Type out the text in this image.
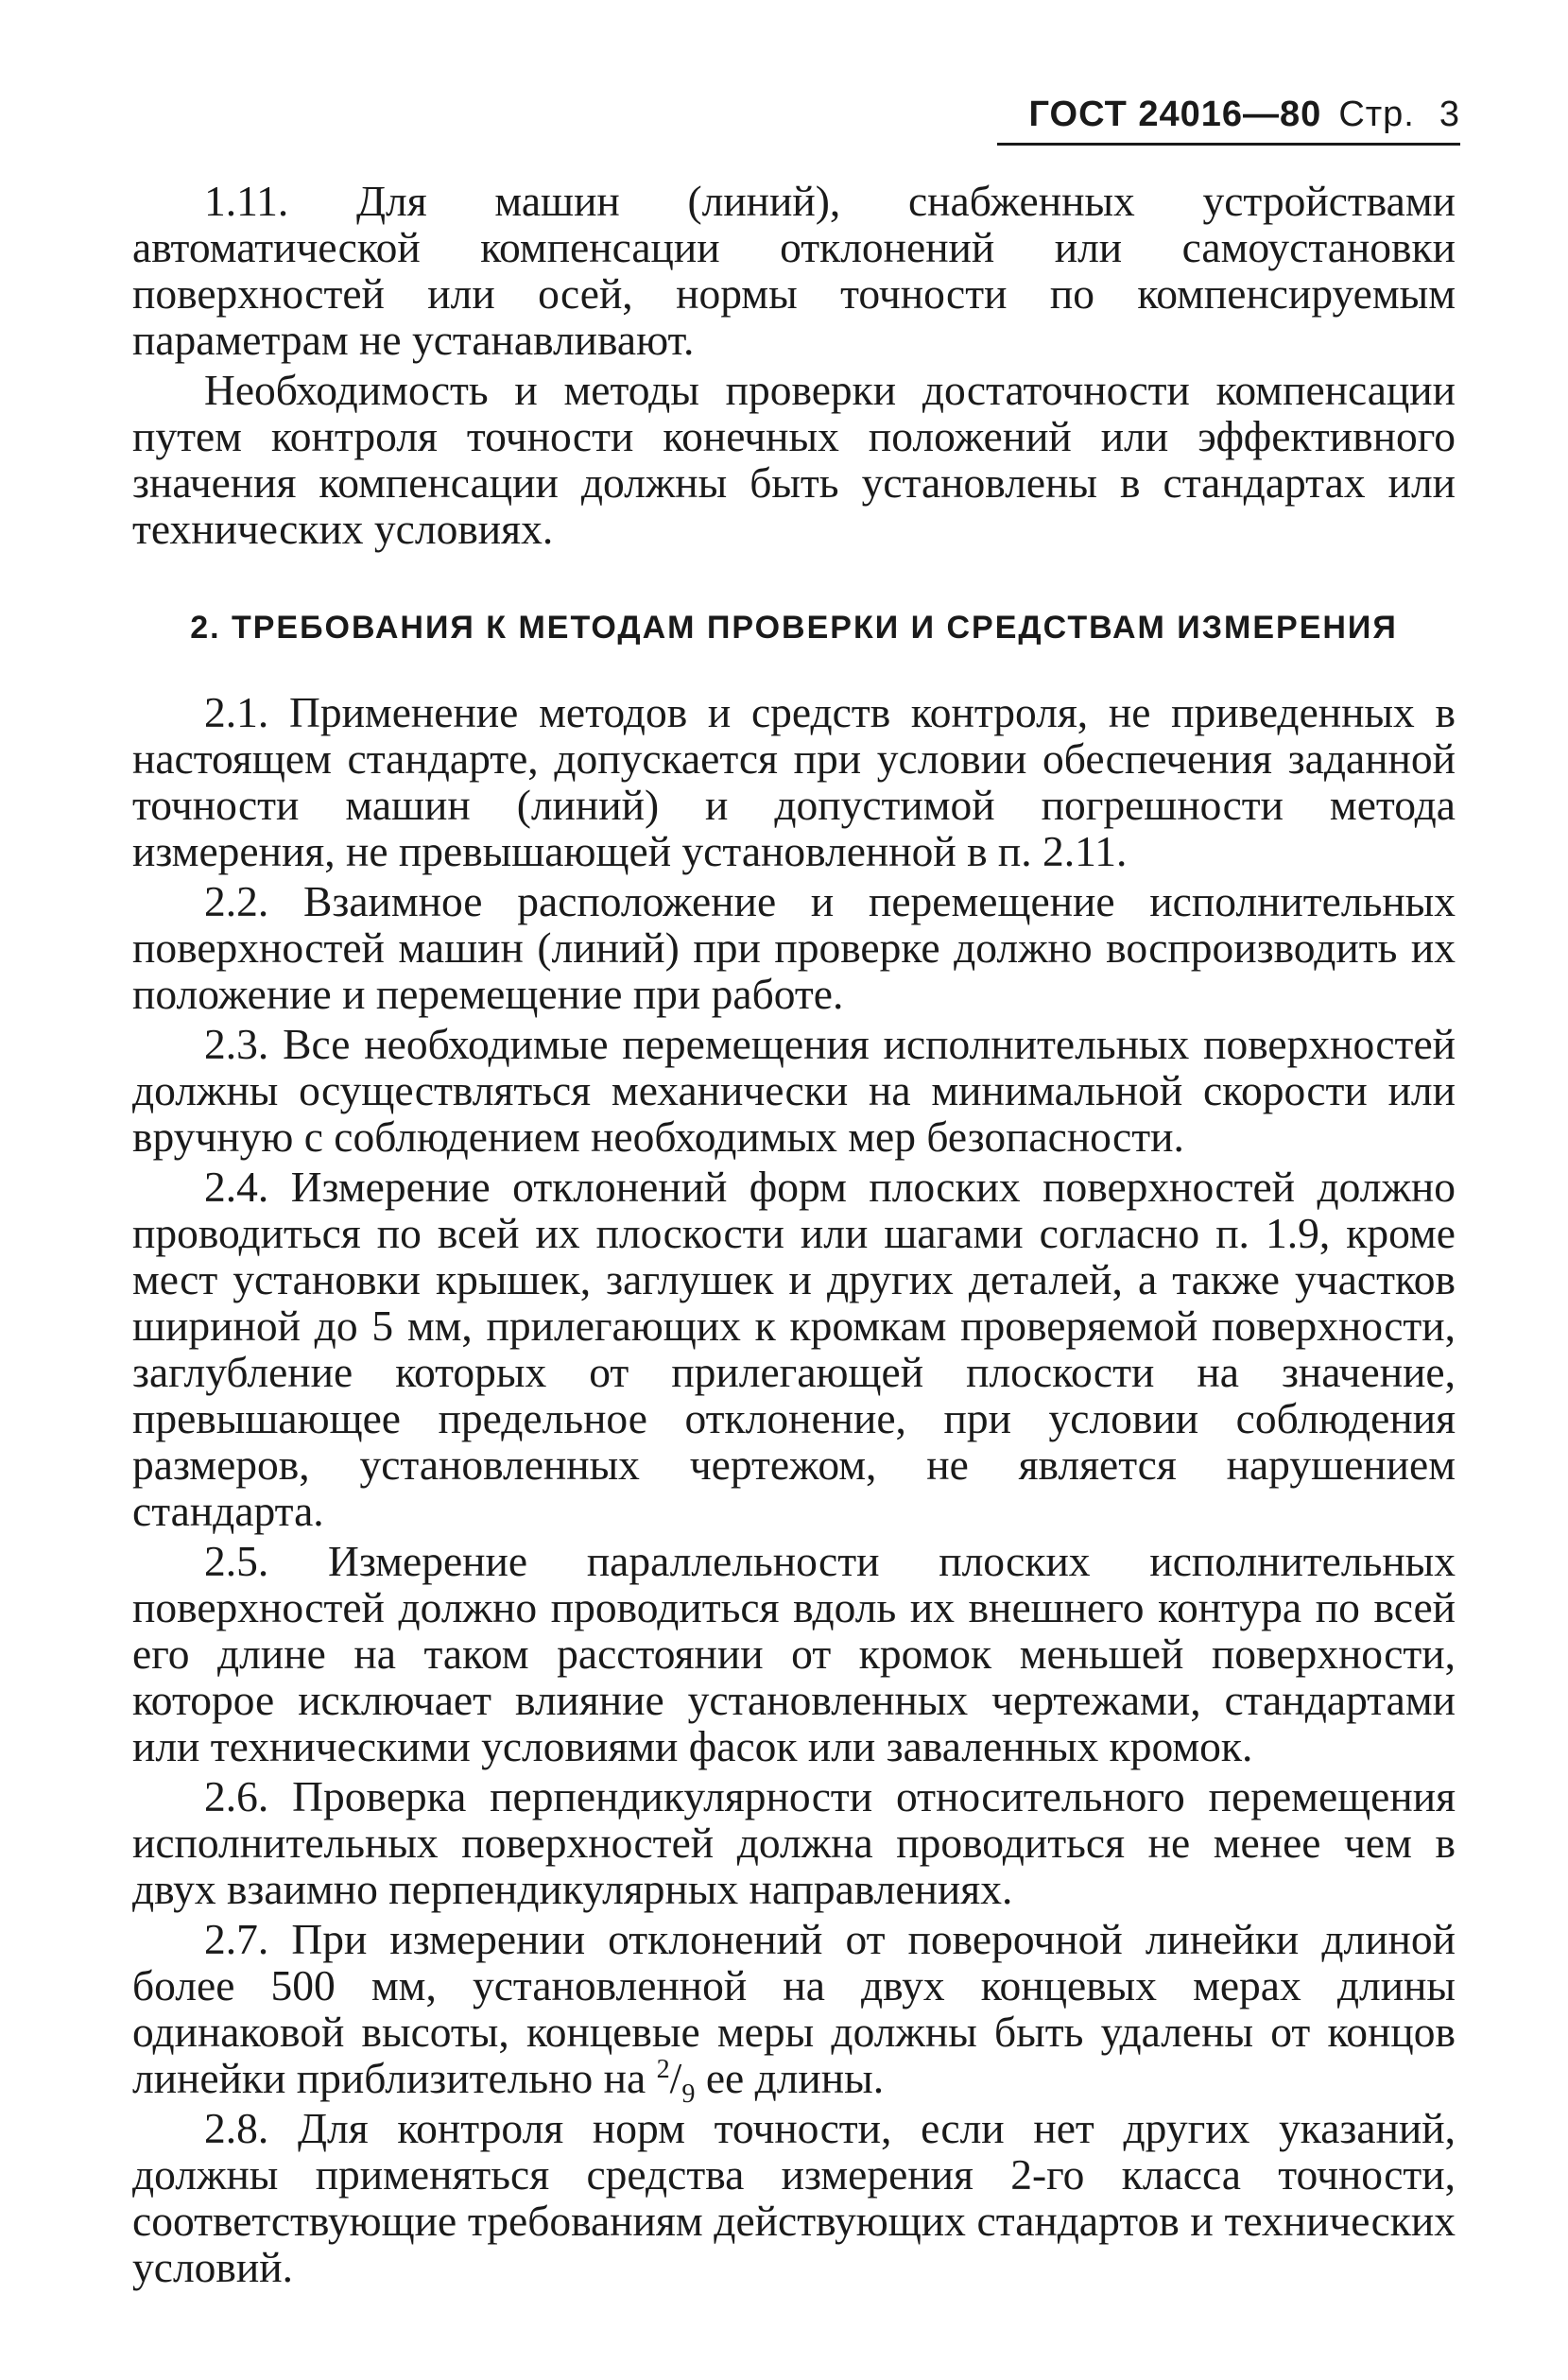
ГОСТ 24016—80 Стр. 3

1.11. Для машин (линий), снабженных устройствами автоматической компенсации отклонений или самоустановки поверхностей или осей, нормы точности по компенсируемым параметрам не устанавливают.

Необходимость и методы проверки достаточности компенсации путем контроля точности конечных положений или эффективного значения компенсации должны быть установлены в стандартах или технических условиях.

2. ТРЕБОВАНИЯ К МЕТОДАМ ПРОВЕРКИ И СРЕДСТВАМ ИЗМЕРЕНИЯ

2.1. Применение методов и средств контроля, не приведенных в настоящем стандарте, допускается при условии обеспечения заданной точности машин (линий) и допустимой погрешности метода измерения, не превышающей установленной в п. 2.11.

2.2. Взаимное расположение и перемещение исполнительных поверхностей машин (линий) при проверке должно воспроизводить их положение и перемещение при работе.

2.3. Все необходимые перемещения исполнительных поверхностей должны осуществляться механически на минимальной скорости или вручную с соблюдением необходимых мер безопасности.

2.4. Измерение отклонений форм плоских поверхностей должно проводиться по всей их плоскости или шагами согласно п. 1.9, кроме мест установки крышек, заглушек и других деталей, а также участков шириной до 5 мм, прилегающих к кромкам проверяемой поверхности, заглубление которых от прилегающей плоскости на значение, превышающее предельное отклонение, при условии соблюдения размеров, установленных чертежом, не является нарушением стандарта.

2.5. Измерение параллельности плоских исполнительных поверхностей должно проводиться вдоль их внешнего контура по всей его длине на таком расстоянии от кромок меньшей поверхности, которое исключает влияние установленных чертежами, стандартами или техническими условиями фасок или заваленных кромок.

2.6. Проверка перпендикулярности относительного перемещения исполнительных поверхностей должна проводиться не менее чем в двух взаимно перпендикулярных направлениях.

2.7. При измерении отклонений от поверочной линейки длиной более 500 мм, установленной на двух концевых мерах длины одинаковой высоты, концевые меры должны быть удалены от концов линейки приблизительно на $^2/_9$ ее длины.

2.8. Для контроля норм точности, если нет других указаний, должны применяться средства измерения 2-го класса точности, соответствующие требованиям действующих стандартов и технических условий.
